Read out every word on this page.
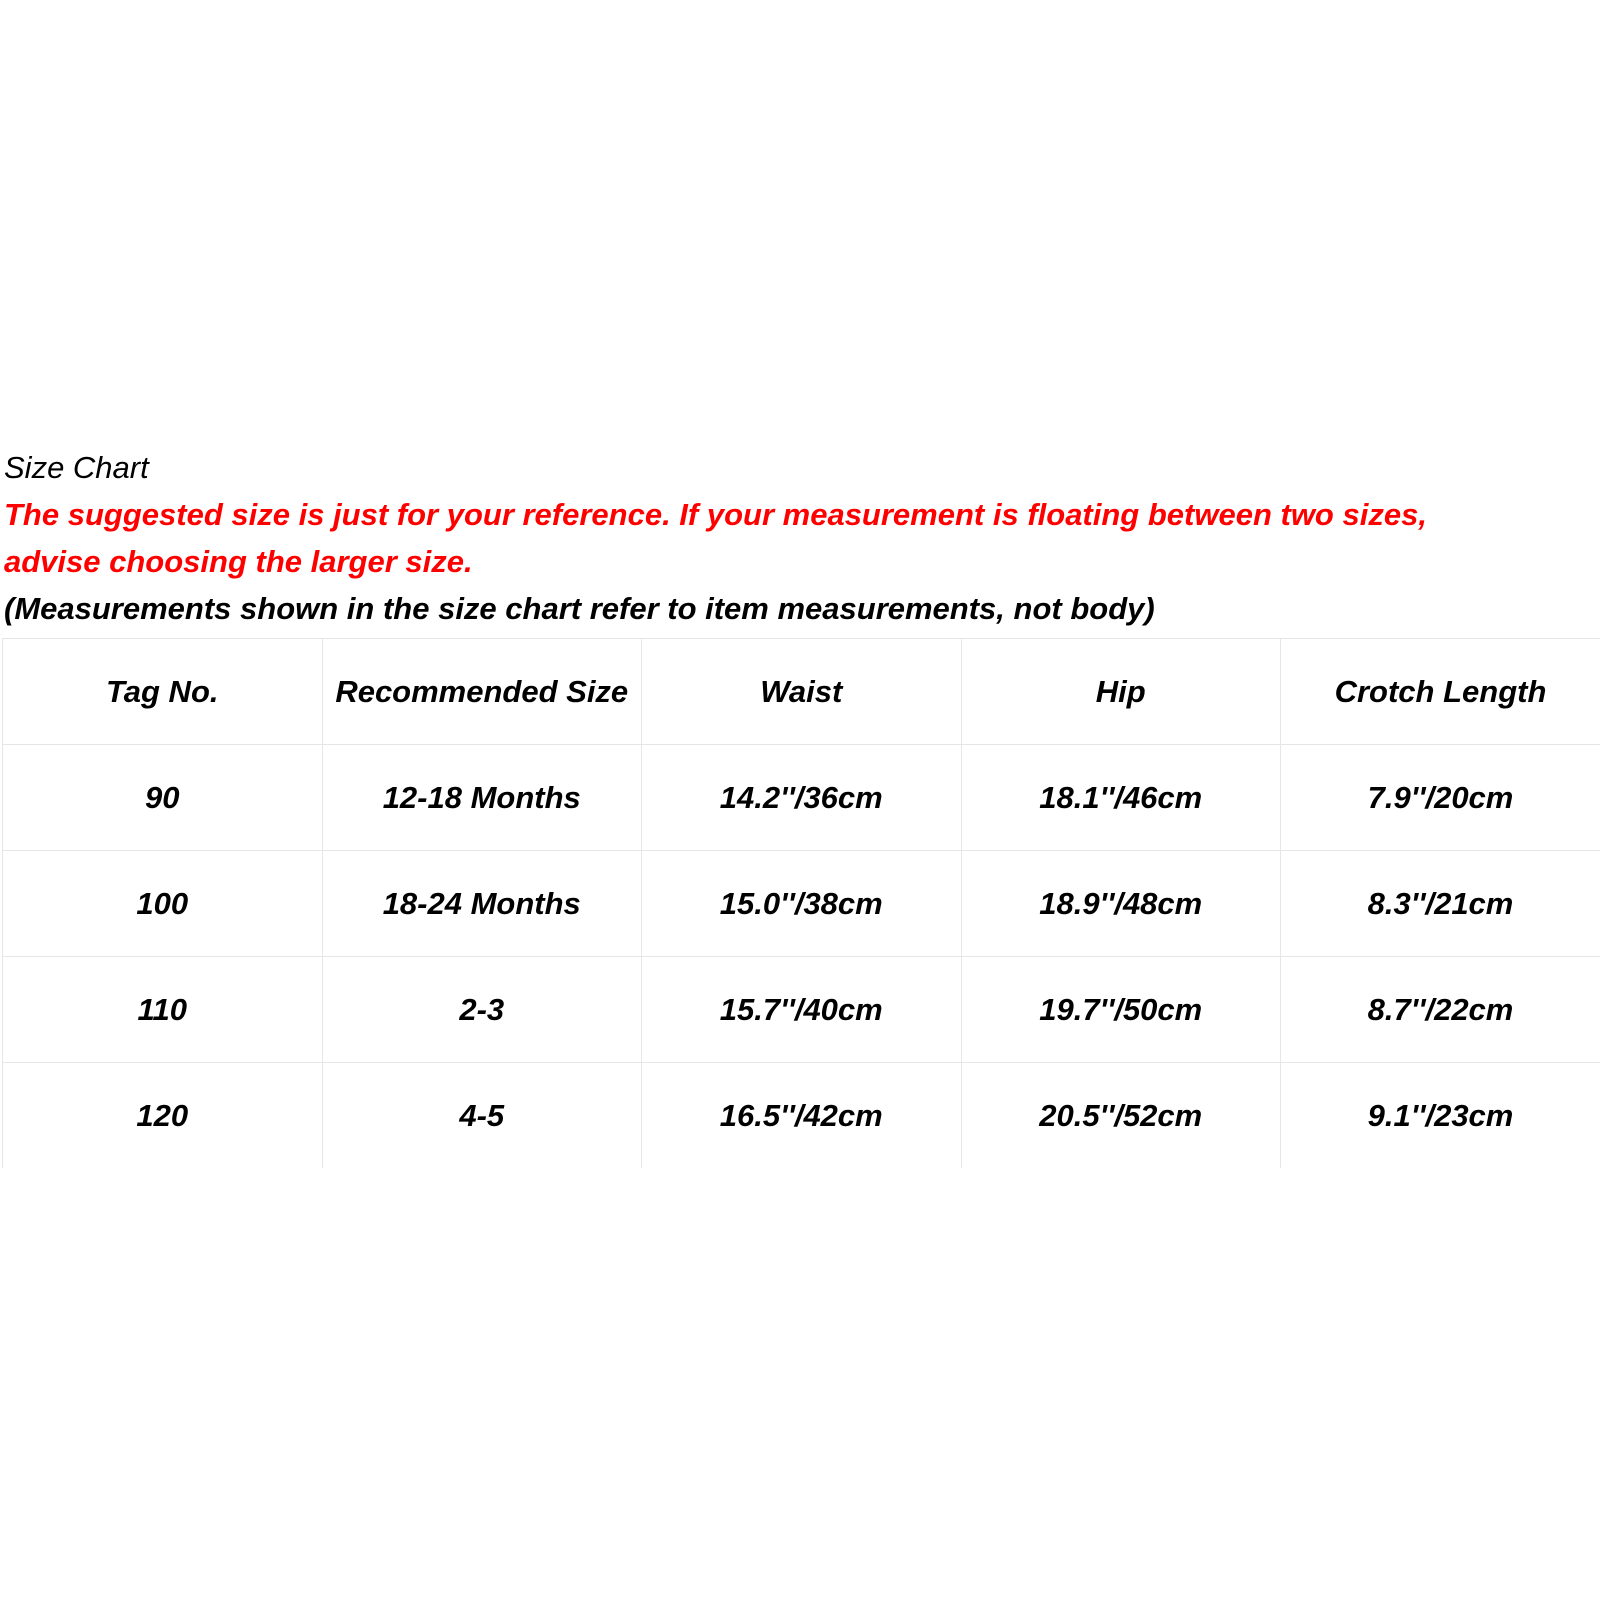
Size Chart
The suggested size is just for your reference. If your measurement is floating between two sizes,
advise choosing the larger size.
(Measurements shown in the size chart refer to item measurements, not body)
Tag No.	Recommended Size	Waist	Hip	Crotch Length
90	12-18 Months	14.2''/36cm	18.1''/46cm	7.9''/20cm
100	18-24 Months	15.0''/38cm	18.9''/48cm	8.3''/21cm
110	2-3	15.7''/40cm	19.7''/50cm	8.7''/22cm
120	4-5	16.5''/42cm	20.5''/52cm	9.1''/23cm
